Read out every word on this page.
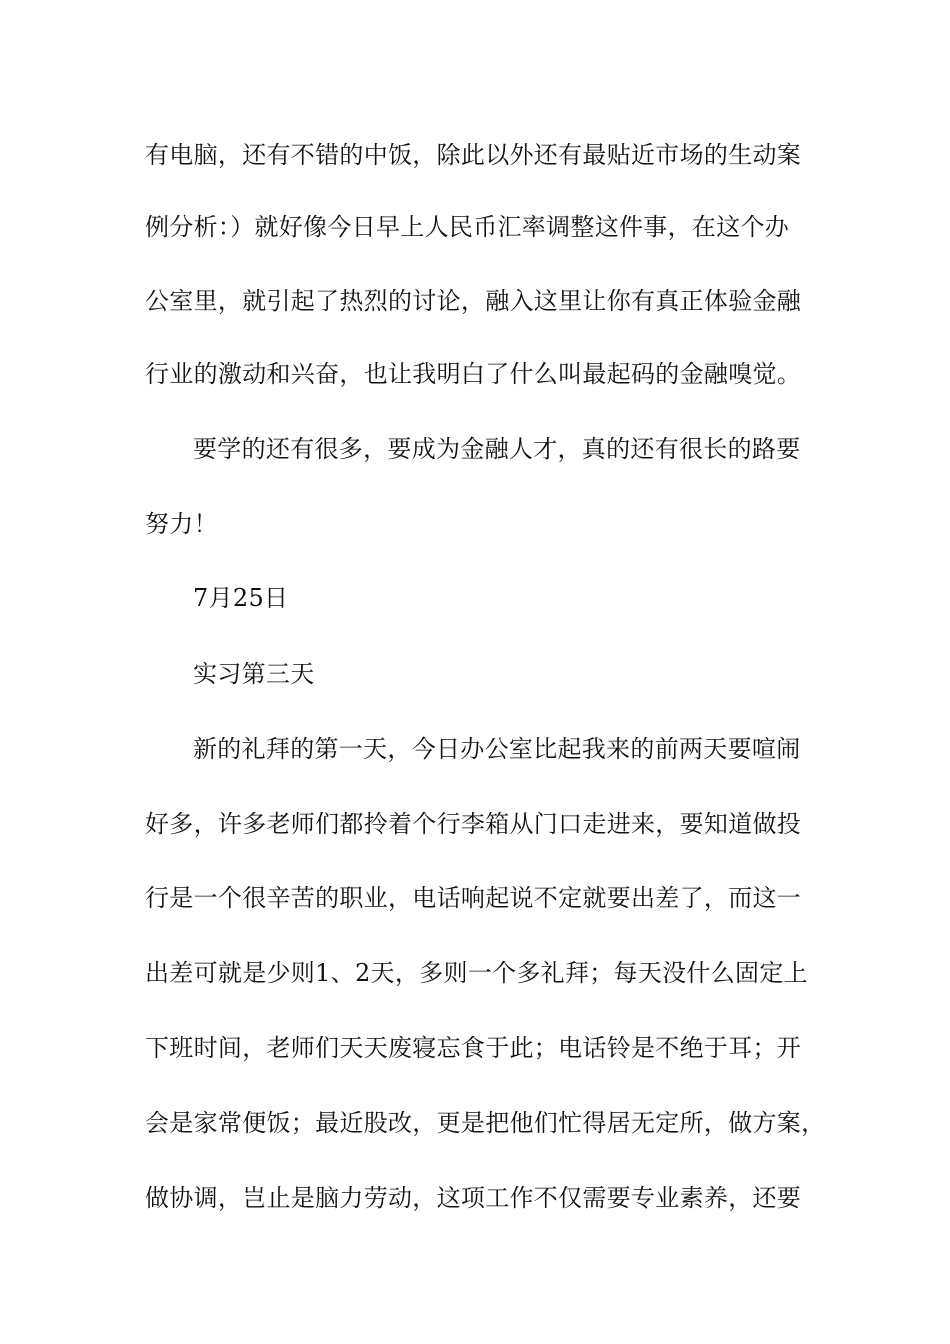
有电脑，还有不错的中饭，除此以外还有最贴近市场的生动案

例分析：）就好像今日早上人民币汇率调整这件事，在这个办

公室里，就引起了热烈的讨论，融入这里让你有真正体验金融

行业的激动和兴奋，也让我明白了什么叫最起码的金融嗅觉。

要学的还有很多，要成为金融人才，真的还有很长的路要

努力！

7月25日

实习第三天

新的礼拜的第一天，今日办公室比起我来的前两天要喧闹

好多，许多老师们都拎着个行李箱从门口走进来，要知道做投

行是一个很辛苦的职业，电话响起说不定就要出差了，而这一

出差可就是少则1、2天，多则一个多礼拜；每天没什么固定上

下班时间，老师们天天废寝忘食于此；电话铃是不绝于耳；开

会是家常便饭；最近股改，更是把他们忙得居无定所，做方案，

做协调，岂止是脑力劳动，这项工作不仅需要专业素养，还要
